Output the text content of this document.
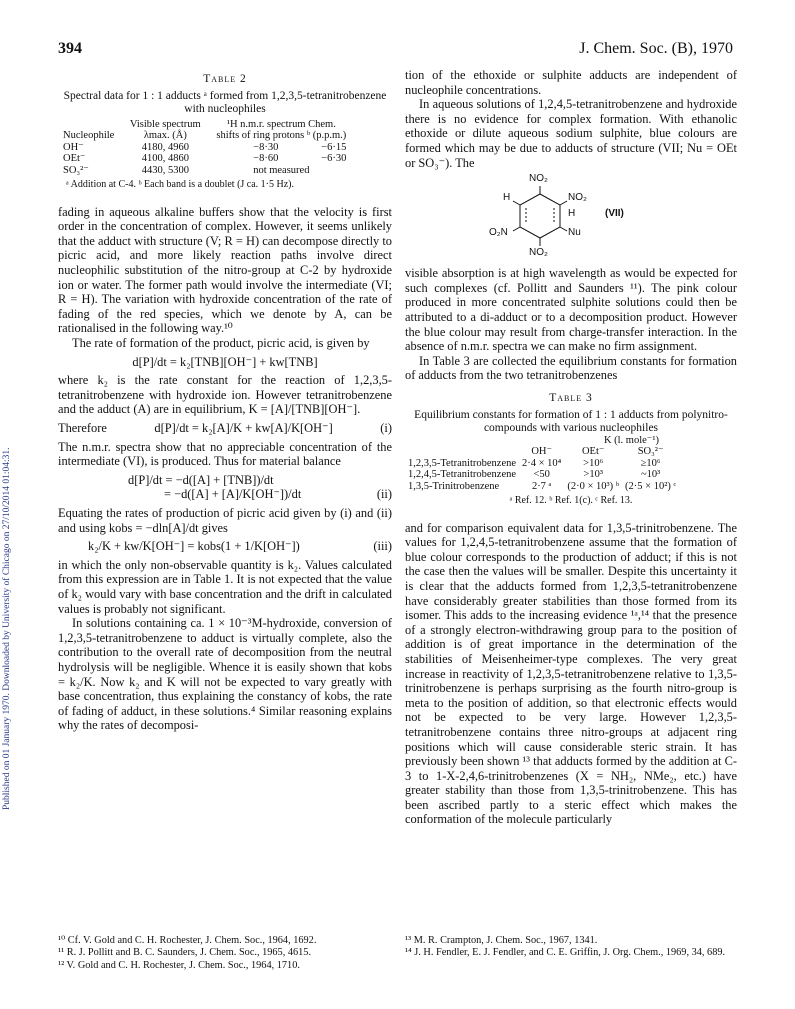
Published on 01 January 1970. Downloaded by University of Chicago on 27/10/2014 01:04:31.
394	J. Chem. Soc. (B), 1970
Table 2
Spectral data for 1 : 1 adducts ᵃ formed from 1,2,3,5-tetranitrobenzene with nucleophiles
Nucleophile	Visible spectrum λmax. (Å)	¹H n.m.r. spectrum Chem. shifts of ring protons ᵇ (p.p.m.)		
OH⁻	4180, 4960	−8·30	−6·15	
OEt⁻	4100, 4860	−8·60	−6·30	
SO₃²⁻	4430, 5300	not measured		
ᵃ Addition at C-4. ᵇ Each band is a doublet (J ca. 1·5 Hz).

fading in aqueous alkaline buffers show that the velocity is first order in the concentration of complex. However, it seems unlikely that the adduct with structure (V; R = H) can decompose directly to picric acid, and more likely reaction paths involve direct nucleophilic substitution of the nitro-group at C-2 by hydroxide ion or water. The former path would involve the intermediate (VI; R = H). The variation with hydroxide concentration of the rate of fading of the red species, which we denote by A, can be rationalised in the following way.¹⁰

The rate of formation of the product, picric acid, is given by

d[P]/dt = k₂[TNB][OH⁻] + kw[TNB]

where k₂ is the rate constant for the reaction of 1,2,3,5-tetranitrobenzene with hydroxide ion. However tetranitrobenzene and the adduct (A) are in equilibrium, K = [A]/[TNB][OH⁻].

Therefore	d[P]/dt = k₂[A]/K + kw[A]/K[OH⁻]	(i)

The n.m.r. spectra show that no appreciable concentration of the intermediate (VI), is produced. Thus for material balance

d[P]/dt = −d([A] + [TNB])/dt
= −d([A] + [A]/K[OH⁻])/dt	(ii)

Equating the rates of production of picric acid given by (i) and (ii) and using kobs = −dln[A]/dt gives

k₂/K + kw/K[OH⁻] = kobs(1 + 1/K[OH⁻])	(iii)

in which the only non-observable quantity is k₂. Values calculated from this expression are in Table 1. It is not expected that the value of k₂ would vary with base concentration and the drift in calculated values is probably not significant.

In solutions containing ca. 1 × 10⁻³M-hydroxide, conversion of 1,2,3,5-tetranitrobenzene to adduct is virtually complete, also the contribution to the overall rate of decomposition from the neutral hydrolysis will be negligible. Whence it is easily shown that kobs = k₂/K. Now k₂ and K will not be expected to vary greatly with base concentration, thus explaining the constancy of kobs, the rate of fading of adduct, in these solutions.⁴ Similar reasoning explains why the rates of decomposi-

tion of the ethoxide or sulphite adducts are independent of nucleophile concentrations.

In aqueous solutions of 1,2,4,5-tetranitrobenzene and hydroxide there is no evidence for complex formation. With ethanolic ethoxide or dilute aqueous sodium sulphite, blue colours are formed which may be due to adducts of structure (VII; Nu = OEt or SO₃⁻). The

NO₂
H	NO₂
H	(VII)
O₂N	Nu
NO₂

visible absorption is at high wavelength as would be expected for such complexes (cf. Pollitt and Saunders ¹¹). The pink colour produced in more concentrated sulphite solutions could then be attributed to a di-adduct or to a decomposition product. However the blue colour may result from charge-transfer interaction. In the absence of n.m.r. spectra we can make no firm assignment.

In Table 3 are collected the equilibrium constants for formation of adducts from the two tetranitrobenzenes

Table 3
Equilibrium constants for formation of 1 : 1 adducts from polynitro-compounds with various nucleophiles
K (l. mole⁻¹)
	OH⁻	OEt⁻	SO₃²⁻
1,2,3,5-Tetranitrobenzene	2·4 × 10⁴	>10⁶	≥10⁶
1,2,4,5-Tetranitrobenzene	<50	>10³	~10³
1,3,5-Trinitrobenzene	2·7 ᵃ	(2·0 × 10³) ᵇ	(2·5 × 10²) ᶜ
ᵃ Ref. 12. ᵇ Ref. 1(c). ᶜ Ref. 13.

and for comparison equivalent data for 1,3,5-trinitrobenzene. The values for 1,2,4,5-tetranitrobenzene assume that the formation of blue colour corresponds to the production of adduct; if this is not the case then the values will be smaller. Despite this uncertainty it is clear that the adducts formed from 1,2,3,5-tetranitrobenzene have considerably greater stabilities than those formed from its isomer. This adds to the increasing evidence ¹ᵃ,¹⁴ that the presence of a strongly electron-withdrawing group para to the position of addition is of great importance in the determination of the stabilities of Meisenheimer-type complexes. The very great increase in reactivity of 1,2,3,5-tetranitrobenzene relative to 1,3,5-trinitrobenzene is perhaps surprising as the fourth nitro-group is meta to the position of addition, so that electronic effects would not be expected to be very large. However 1,2,3,5-tetranitrobenzene contains three nitro-groups at adjacent ring positions which will cause considerable steric strain. It has previously been shown ¹³ that adducts formed by the addition at C-3 to 1-X-2,4,6-trinitrobenzenes (X = NH₂, NMe₂, etc.) have greater stability than those from 1,3,5-trinitrobenzene. This has been ascribed partly to a steric effect which makes the conformation of the molecule particularly

¹⁰ Cf. V. Gold and C. H. Rochester, J. Chem. Soc., 1964, 1692.
¹¹ R. J. Pollitt and B. C. Saunders, J. Chem. Soc., 1965, 4615.
¹² V. Gold and C. H. Rochester, J. Chem. Soc., 1964, 1710.
¹³ M. R. Crampton, J. Chem. Soc., 1967, 1341.
¹⁴ J. H. Fendler, E. J. Fendler, and C. E. Griffin, J. Org. Chem., 1969, 34, 689.
